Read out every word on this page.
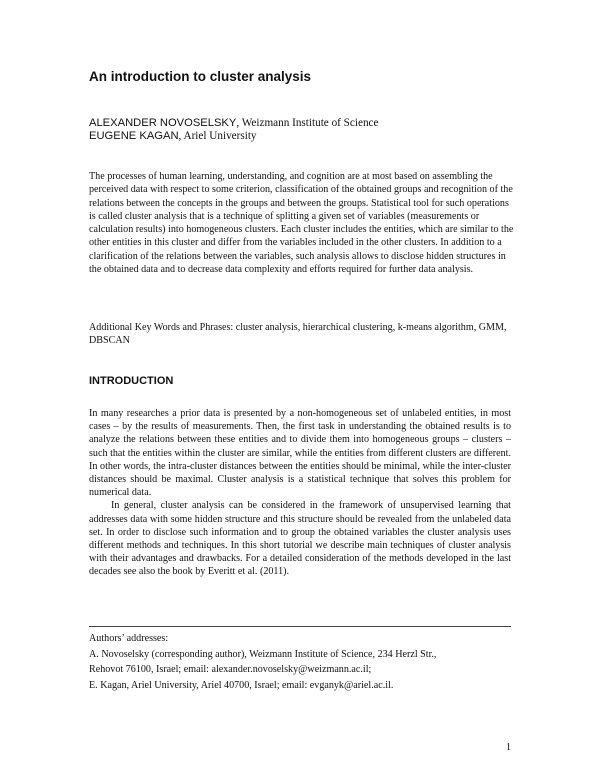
An introduction to cluster analysis

ALEXANDER NOVOSELSKY, Weizmann Institute of Science

EUGENE KAGAN, Ariel University

The processes of human learning, understanding, and cognition are at most based on assembling the perceived data with respect to some criterion, classification of the obtained groups and recognition of the relations between the concepts in the groups and between the groups. Statistical tool for such operations is called cluster analysis that is a technique of splitting a given set of variables (measurements or calculation results) into homogeneous clusters. Each cluster includes the entities, which are similar to the other entities in this cluster and differ from the variables included in the other clusters. In addition to a clarification of the relations between the variables, such analysis allows to disclose hidden structures in the obtained data and to decrease data complexity and efforts required for further data analysis.

Additional Key Words and Phrases: cluster analysis, hierarchical clustering, k-means algorithm, GMM, DBSCAN

INTRODUCTION

In many researches a prior data is presented by a non-homogeneous set of unlabeled entities, in most cases – by the results of measurements. Then, the first task in understanding the obtained results is to analyze the relations between these entities and to divide them into homogeneous groups – clusters – such that the entities within the cluster are similar, while the entities from different clusters are different. In other words, the intra-cluster distances between the entities should be minimal, while the inter-cluster distances should be maximal. Cluster analysis is a statistical technique that solves this problem for numerical data.

In general, cluster analysis can be considered in the framework of unsupervised learning that addresses data with some hidden structure and this structure should be revealed from the unlabeled data set. In order to disclose such information and to group the obtained variables the cluster analysis uses different methods and techniques. In this short tutorial we describe main techniques of cluster analysis with their advantages and drawbacks. For a detailed consideration of the methods developed in the last decades see also the book by Everitt et al. (2011).

Authors’ addresses:

A. Novoselsky (corresponding author), Weizmann Institute of Science, 234 Herzl Str.,

Rehovot 76100, Israel; email: alexander.novoselsky@weizmann.ac.il;

E. Kagan, Ariel University, Ariel 40700, Israel; email: evganyk@ariel.ac.il.

1
